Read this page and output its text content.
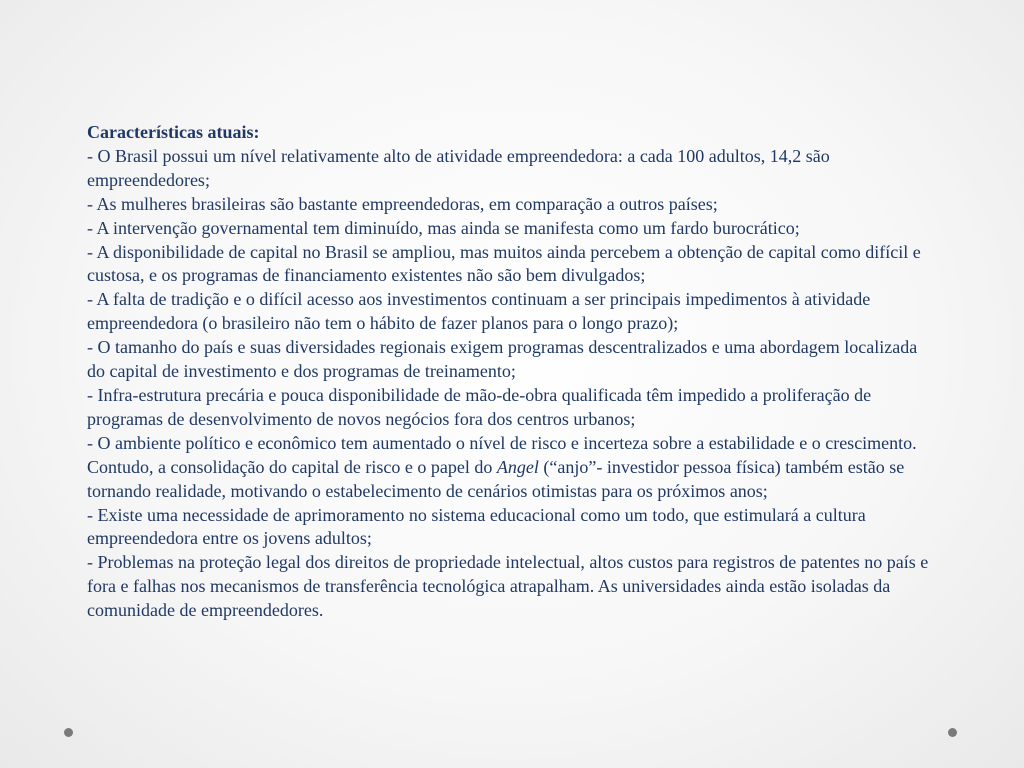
Características atuais:
- O Brasil possui um nível relativamente alto de atividade empreendedora: a cada 100 adultos, 14,2 são empreendedores;
- As mulheres brasileiras são bastante empreendedoras, em comparação a outros países;
- A intervenção governamental tem diminuído, mas ainda se manifesta como um fardo burocrático;
- A disponibilidade de capital no Brasil se ampliou, mas muitos ainda percebem a obtenção de capital como difícil e custosa, e os programas de financiamento existentes não são bem divulgados;
- A falta de tradição e o difícil acesso aos investimentos continuam a ser principais impedimentos à atividade empreendedora (o brasileiro não tem o hábito de fazer planos para o longo prazo);
- O tamanho do país e suas diversidades regionais exigem programas descentralizados e uma abordagem localizada do capital de investimento e dos programas de treinamento;
- Infra-estrutura precária e pouca disponibilidade de mão-de-obra qualificada têm impedido a proliferação de programas de desenvolvimento de novos negócios fora dos centros urbanos;
- O ambiente político e econômico tem aumentado o nível de risco e incerteza sobre a estabilidade e o crescimento. Contudo, a consolidação do capital de risco e o papel do Angel (“anjo”- investidor pessoa física) também estão se tornando realidade, motivando o estabelecimento de cenários otimistas para os próximos anos;
- Existe uma necessidade de aprimoramento no sistema educacional como um todo, que estimulará a cultura empreendedora entre os jovens adultos;
- Problemas na proteção legal dos direitos de propriedade intelectual, altos custos para registros de patentes no país e fora e falhas nos mecanismos de transferência tecnológica atrapalham. As universidades ainda estão isoladas da comunidade de empreendedores.
